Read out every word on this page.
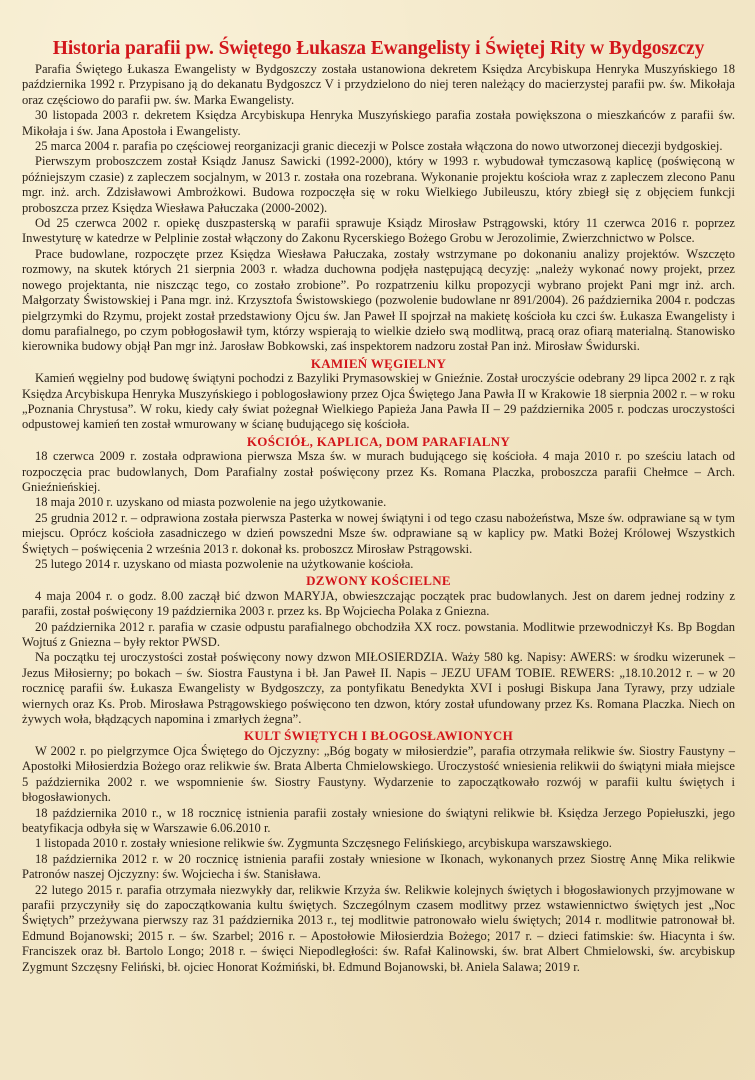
Historia parafii pw. Świętego Łukasza Ewangelisty i Świętej Rity w Bydgoszczy

Parafia Świętego Łukasza Ewangelisty w Bydgoszczy została ustanowiona dekretem Księdza Arcybiskupa Henryka Muszyńskiego 18 października 1992 r. Przypisano ją do dekanatu Bydgoszcz V i przydzielono do niej teren należący do macierzystej parafii pw. św. Mikołaja oraz częściowo do parafii pw. św. Marka Ewangelisty.

30 listopada 2003 r. dekretem Księdza Arcybiskupa Henryka Muszyńskiego parafia została powiększona o mieszkańców z parafii św. Mikołaja i św. Jana Apostoła i Ewangelisty.

25 marca 2004 r. parafia po częściowej reorganizacji granic diecezji w Polsce została włączona do nowo utworzonej diecezji bydgoskiej.

Pierwszym proboszczem został Ksiądz Janusz Sawicki (1992-2000), który w 1993 r. wybudował tymczasową kaplicę (poświęconą w późniejszym czasie) z zapleczem socjalnym, w 2013 r. została ona rozebrana. Wykonanie projektu kościoła wraz z zapleczem zlecono Panu mgr. inż. arch. Zdzisławowi Ambrożkowi. Budowa rozpoczęła się w roku Wielkiego Jubileuszu, który zbiegł się z objęciem funkcji proboszcza przez Księdza Wiesława Pałuczaka (2000-2002).

Od 25 czerwca 2002 r. opiekę duszpasterską w parafii sprawuje Ksiądz Mirosław Pstrągowski, który 11 czerwca 2016 r. poprzez Inwestyturę w katedrze w Pelplinie został włączony do Zakonu Rycerskiego Bożego Grobu w Jerozolimie, Zwierzchnictwo w Polsce.

Prace budowlane, rozpoczęte przez Księdza Wiesława Pałuczaka, zostały wstrzymane po dokonaniu analizy projektów. Wszczęto rozmowy, na skutek których 21 sierpnia 2003 r. władza duchowna podjęła następującą decyzję: „należy wykonać nowy projekt, przez nowego projektanta, nie niszcząc tego, co zostało zrobione”. Po rozpatrzeniu kilku propozycji wybrano projekt Pani mgr inż. arch. Małgorzaty Świstowskiej i Pana mgr. inż. Krzysztofa Świstowskiego (pozwolenie budowlane nr 891/2004). 26 października 2004 r. podczas pielgrzymki do Rzymu, projekt został przedstawiony Ojcu św. Jan Paweł II spojrzał na makietę kościoła ku czci św. Łukasza Ewangelisty i domu parafialnego, po czym pobłogosławił tym, którzy wspierają to wielkie dzieło swą modlitwą, pracą oraz ofiarą materialną. Stanowisko kierownika budowy objął Pan mgr inż. Jarosław Bobkowski, zaś inspektorem nadzoru został Pan inż. Mirosław Świdurski.

KAMIEŃ WĘGIELNY

Kamień węgielny pod budowę świątyni pochodzi z Bazyliki Prymasowskiej w Gnieźnie. Został uroczyście odebrany 29 lipca 2002 r. z rąk Księdza Arcybiskupa Henryka Muszyńskiego i poblogosławiony przez Ojca Świętego Jana Pawła II w Krakowie 18 sierpnia 2002 r. – w roku „Poznania Chrystusa”. W roku, kiedy cały świat pożegnał Wielkiego Papieża Jana Pawła II – 29 października 2005 r. podczas uroczystości odpustowej kamień ten został wmurowany w ścianę budującego się kościoła.

KOŚCIÓŁ, KAPLICA, DOM PARAFIALNY

18 czerwca 2009 r. została odprawiona pierwsza Msza św. w murach budującego się kościoła. 4 maja 2010 r. po sześciu latach od rozpoczęcia prac budowlanych, Dom Parafialny został poświęcony przez Ks. Romana Placzka, proboszcza parafii Chełmce – Arch. Gnieźnieńskiej.

18 maja 2010 r. uzyskano od miasta pozwolenie na jego użytkowanie.

25 grudnia 2012 r. – odprawiona została pierwsza Pasterka w nowej świątyni i od tego czasu nabożeństwa, Msze św. odprawiane są w tym miejscu. Oprócz kościoła zasadniczego w dzień powszedni Msze św. odprawiane są w kaplicy pw. Matki Bożej Królowej Wszystkich Świętych – poświęcenia 2 września 2013 r. dokonał ks. proboszcz Mirosław Pstrągowski.

25 lutego 2014 r. uzyskano od miasta pozwolenie na użytkowanie kościoła.

DZWONY KOŚCIELNE

4 maja 2004 r. o godz. 8.00 zaczął bić dzwon MARYJA, obwieszczając początek prac budowlanych. Jest on darem jednej rodziny z parafii, został poświęcony 19 października 2003 r. przez ks. Bp Wojciecha Polaka z Gniezna.

20 października 2012 r. parafia w czasie odpustu parafialnego obchodziła XX rocz. powstania. Modlitwie przewodniczył Ks. Bp Bogdan Wojtuś z Gniezna – były rektor PWSD.

Na początku tej uroczystości został poświęcony nowy dzwon MIŁOSIERDZIA. Waży 580 kg. Napisy: AWERS: w środku wizerunek – Jezus Miłosierny; po bokach – św. Siostra Faustyna i bł. Jan Paweł II. Napis – JEZU UFAM TOBIE. REWERS: „18.10.2012 r. – w 20 rocznicę parafii św. Łukasza Ewangelisty w Bydgoszczy, za pontyfikatu Benedykta XVI i posługi Biskupa Jana Tyrawy, przy udziale wiernych oraz Ks. Prob. Mirosława Pstrągowskiego poświęcono ten dzwon, który został ufundowany przez Ks. Romana Placzka. Niech on żywych woła, błądzących napomina i zmarłych żegna”.

KULT ŚWIĘTYCH I BŁOGOSŁAWIONYCH

W 2002 r. po pielgrzymce Ojca Świętego do Ojczyzny: „Bóg bogaty w miłosierdzie”, parafia otrzymała relikwie św. Siostry Faustyny – Apostołki Miłosierdzia Bożego oraz relikwie św. Brata Alberta Chmielowskiego. Uroczystość wniesienia relikwii do świątyni miała miejsce 5 października 2002 r. we wspomnienie św. Siostry Faustyny. Wydarzenie to zapoczątkowało rozwój w parafii kultu świętych i błogosławionych.

18 października 2010 r., w 18 rocznicę istnienia parafii zostały wniesione do świątyni relikwie bł. Księdza Jerzego Popiełuszki, jego beatyfikacja odbyła się w Warszawie 6.06.2010 r.

1 listopada 2010 r. zostały wniesione relikwie św. Zygmunta Szczęsnego Felińskiego, arcybiskupa warszawskiego.

18 października 2012 r. w 20 rocznicę istnienia parafii zostały wniesione w Ikonach, wykonanych przez Siostrę Annę Mika relikwie Patronów naszej Ojczyzny: św. Wojciecha i św. Stanisława.

22 lutego 2015 r. parafia otrzymała niezwykły dar, relikwie Krzyża św. Relikwie kolejnych świętych i błogosławionych przyjmowane w parafii przyczyniły się do zapoczątkowania kultu świętych. Szczególnym czasem modlitwy przez wstawiennictwo świętych jest „Noc Świętych” przeżywana pierwszy raz 31 października 2013 r., tej modlitwie patronowało wielu świętych; 2014 r. modlitwie patronował bł. Edmund Bojanowski; 2015 r. – św. Szarbel; 2016 r. – Apostołowie Miłosierdzia Bożego; 2017 r. – dzieci fatimskie: św. Hiacynta i św. Franciszek oraz bł. Bartolo Longo; 2018 r. – święci Niepodległości: św. Rafał Kalinowski, św. brat Albert Chmielowski, św. arcybiskup Zygmunt Szczęsny Feliński, bł. ojciec Honorat Koźmiński, bł. Edmund Bojanowski, bł. Aniela Salawa; 2019 r.
